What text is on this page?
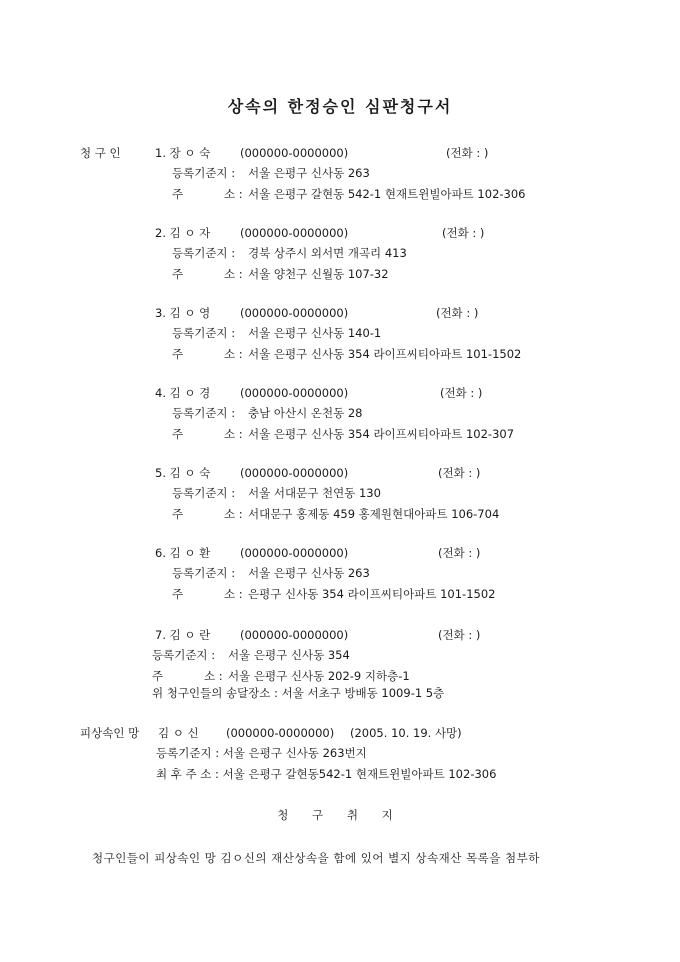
상속의 한정승인 심판청구서
청 구 인	1. 장 ㅇ 숙	(000000-0000000)	(전화 : )
등록기준지 : 서울 은평구 신사동 263
주	소 : 서울 은평구 갈현동 542-1 현재트윈빌아파트 102-306
2. 김 ㅇ 자	(000000-0000000)	(전화 : )
등록기준지 : 경북 상주시 외서면 개곡리 413
주	소 : 서울 양천구 신월동 107-32
3. 김 ㅇ 영	(000000-0000000)	(전화 : )
등록기준지 : 서울 은평구 신사동 140-1
주	소 : 서울 은평구 신사동 354 라이프씨티아파트 101-1502
4. 김 ㅇ 경	(000000-0000000)	(전화 : )
등록기준지 : 충남 아산시 온천동 28
주	소 : 서울 은평구 신사동 354 라이프씨티아파트 102-307
5. 김 ㅇ 숙	(000000-0000000)	(전화 : )
등록기준지 : 서울 서대문구 천연동 130
주	소 : 서대문구 홍제동 459 홍제원현대아파트 106-704
6. 김 ㅇ 환	(000000-0000000)	(전화 : )
등록기준지 : 서울 은평구 신사동 263
주	소 : 은평구 신사동 354 라이프씨티아파트 101-1502
7. 김 ㅇ 란	(000000-0000000)	(전화 : )
등록기준지 : 서울 은평구 신사동 354
주	소 : 서울 은평구 신사동 202-9 지하층-1
위 청구인들의 송달장소 : 서울 서초구 방배동 1009-1 5층
피상속인 망 김 ㅇ 신 (000000-0000000) (2005. 10. 19. 사망)
등록기준지 : 서울 은평구 신사동 263번지
최 후 주 소 : 서울 은평구 갈현동542-1 현재트윈빌아파트 102-306
청 구 취 지
청구인들이 피상속인 망 김ㅇ신의 재산상속을 함에 있어 별지 상속재산 목록을 첨부하
